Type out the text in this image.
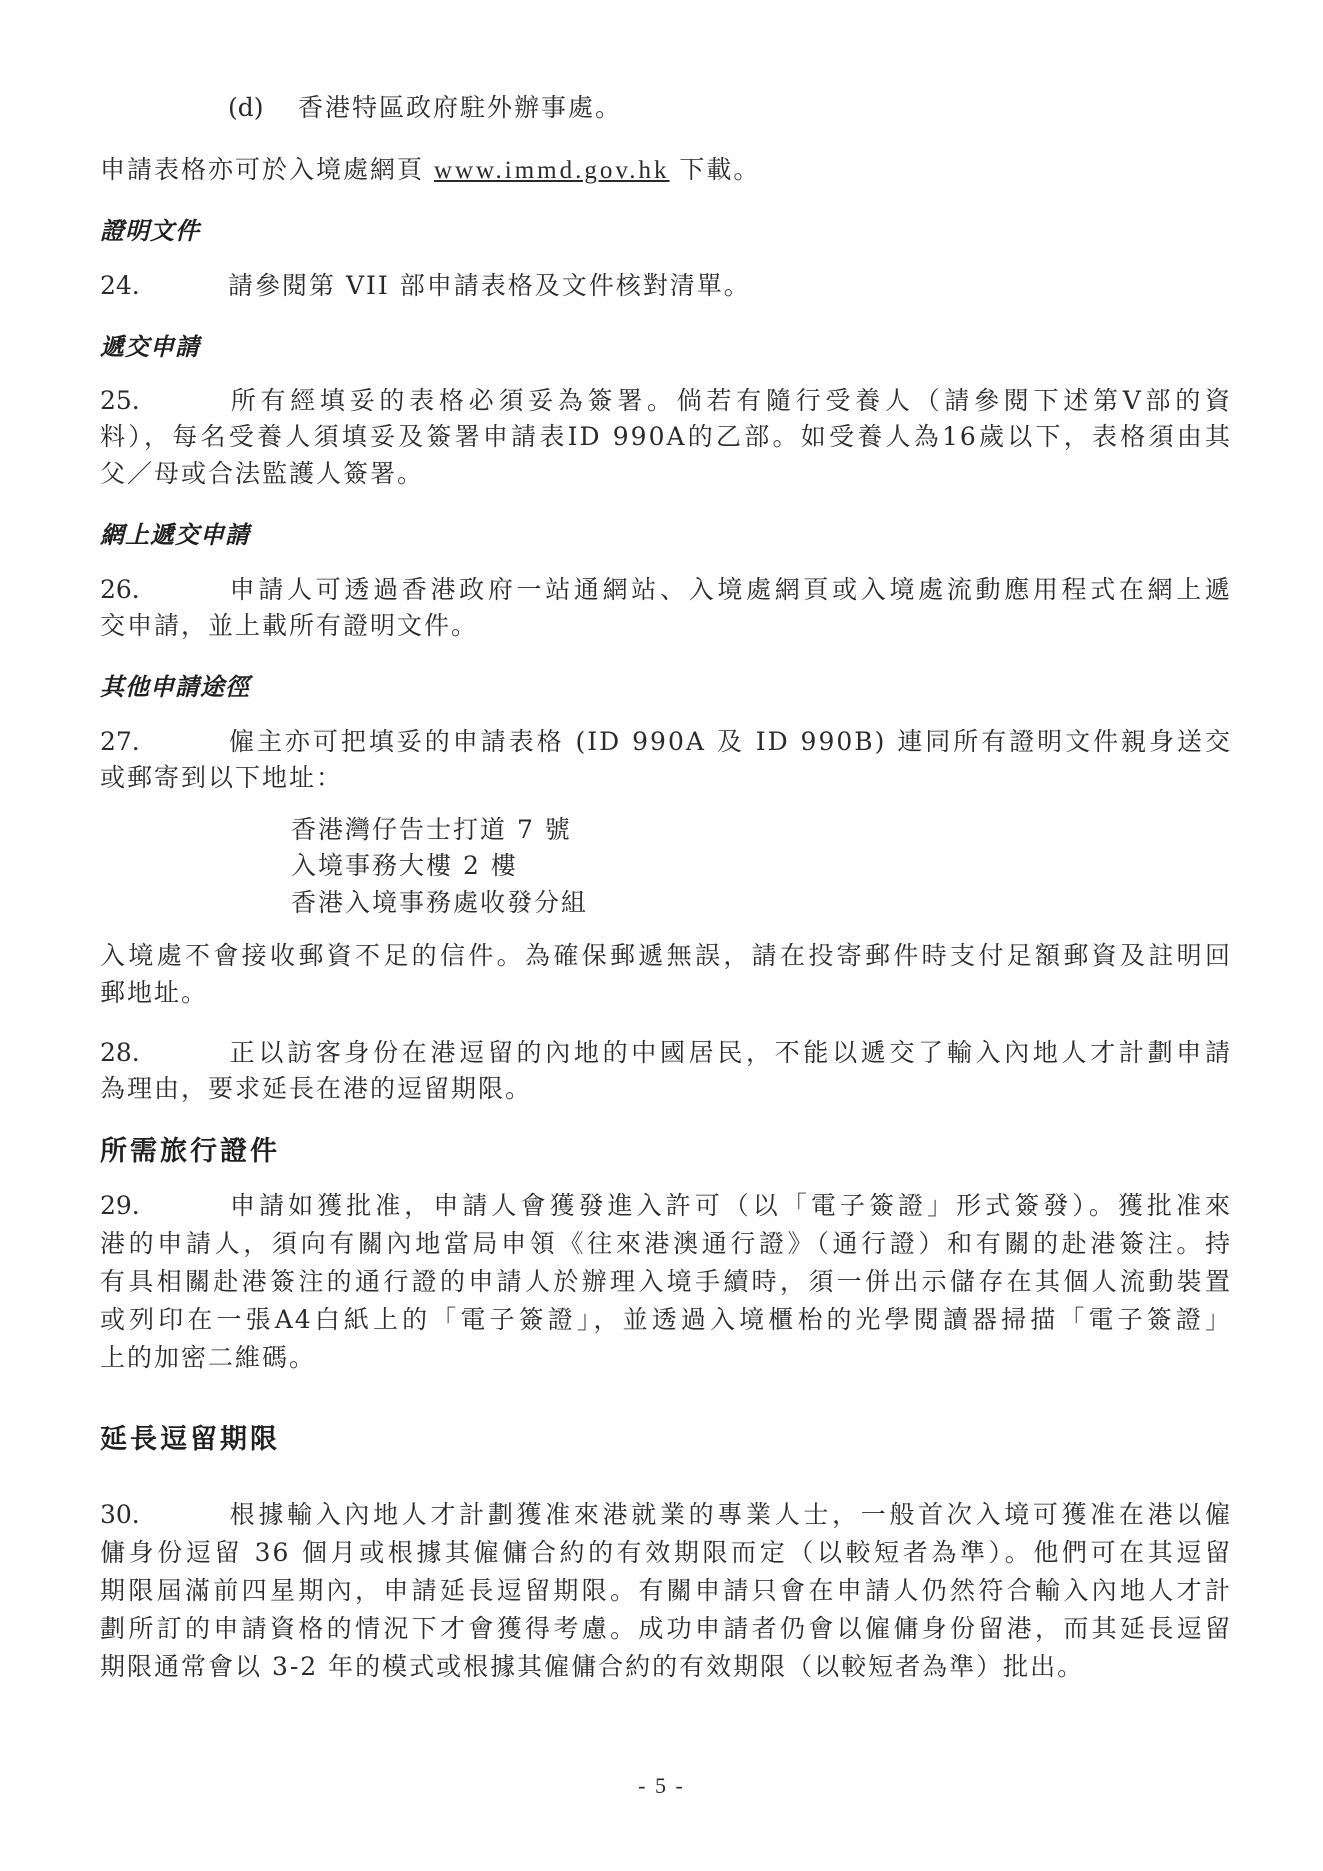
(d) 香港特區政府駐外辦事處。
申請表格亦可於入境處網頁 www.immd.gov.hk 下載。
證明文件
24.	請參閱第 VII 部申請表格及文件核對清單。
遞交申請
25.	所有經填妥的表格必須妥為簽署。倘若有隨行受養人（請參閱下述第V部的資
料），每名受養人須填妥及簽署申請表ID 990A的乙部。如受養人為16歲以下，表格須由其
父／母或合法監護人簽署。
網上遞交申請
26.	申請人可透過香港政府一站通網站、入境處網頁或入境處流動應用程式在網上遞
交申請，並上載所有證明文件。
其他申請途徑
27.	僱主亦可把填妥的申請表格 (ID 990A 及 ID 990B) 連同所有證明文件親身送交
或郵寄到以下地址：
香港灣仔告士打道 7 號
入境事務大樓 2 樓
香港入境事務處收發分組
入境處不會接收郵資不足的信件。為確保郵遞無誤，請在投寄郵件時支付足額郵資及註明回
郵地址。
28.	正以訪客身份在港逗留的內地的中國居民，不能以遞交了輸入內地人才計劃申請
為理由，要求延長在港的逗留期限。
所需旅行證件
29.	申請如獲批准，申請人會獲發進入許可（以「電子簽證」形式簽發）。獲批准來
港的申請人，須向有關內地當局申領《往來港澳通行證》（通行證）和有關的赴港簽注。持
有具相關赴港簽注的通行證的申請人於辦理入境手續時，須一併出示儲存在其個人流動裝置
或列印在一張A4白紙上的「電子簽證」，並透過入境櫃枱的光學閱讀器掃描「電子簽證」
上的加密二維碼。
延長逗留期限
30.	根據輸入內地人才計劃獲准來港就業的專業人士，一般首次入境可獲准在港以僱
傭身份逗留 36 個月或根據其僱傭合約的有效期限而定（以較短者為準）。他們可在其逗留
期限屆滿前四星期內，申請延長逗留期限。有關申請只會在申請人仍然符合輸入內地人才計
劃所訂的申請資格的情況下才會獲得考慮。成功申請者仍會以僱傭身份留港，而其延長逗留
期限通常會以 3-2 年的模式或根據其僱傭合約的有效期限（以較短者為準）批出。
- 5 -
